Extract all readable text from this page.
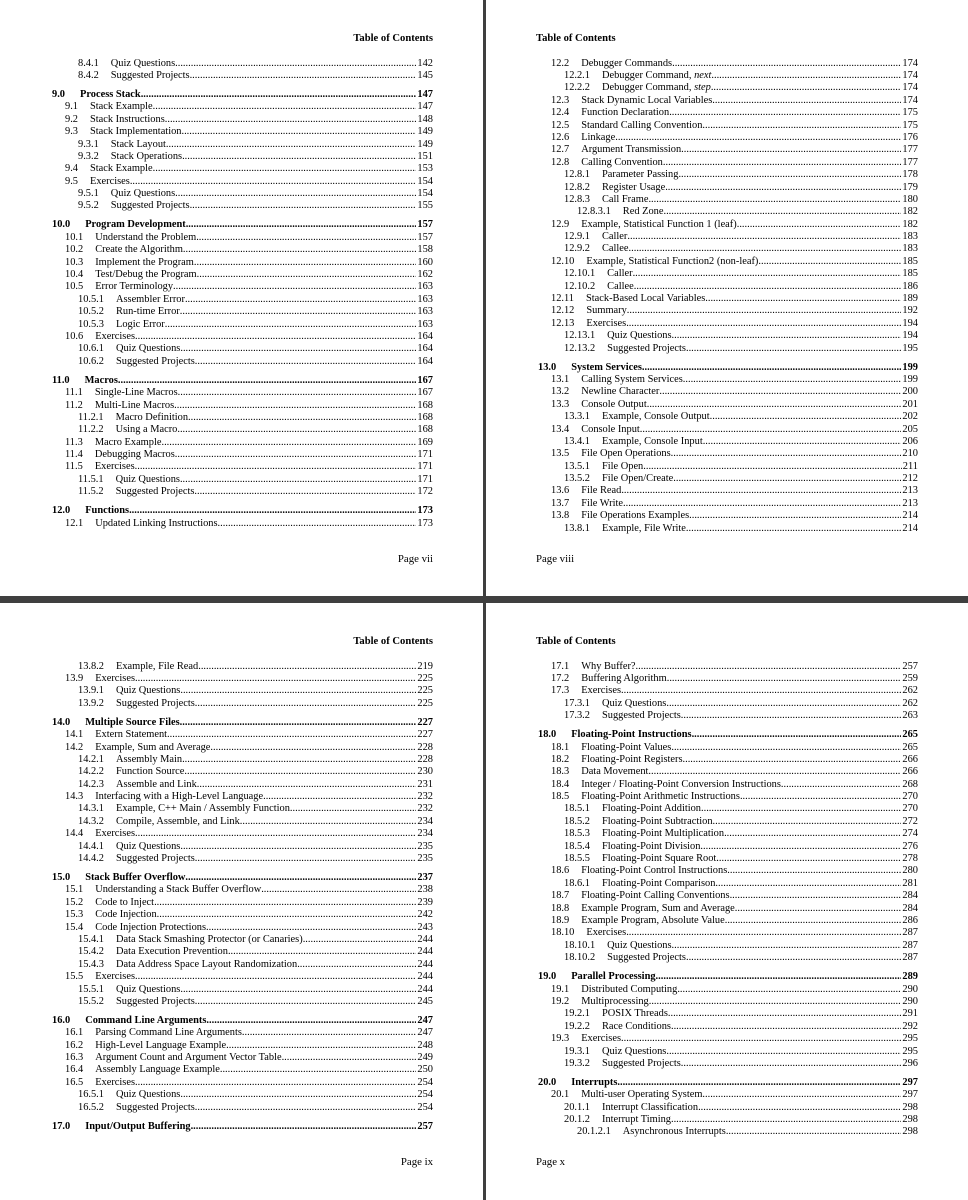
Table of Contents
8.4.1 Quiz Questions .....	142
8.4.2 Suggested Projects .....	145
9.0 Process Stack .....	147
9.1 Stack Example .....	147
9.2 Stack Instructions .....	148
9.3 Stack Implementation .....	149
9.3.1 Stack Layout .....	149
9.3.2 Stack Operations .....	151
9.4 Stack Example .....	153
9.5 Exercises .....	154
9.5.1 Quiz Questions .....	154
9.5.2 Suggested Projects .....	155
10.0 Program Development .....	157
10.1 Understand the Problem .....	157
10.2 Create the Algorithm .....	158
10.3 Implement the Program .....	160
10.4 Test/Debug the Program .....	162
10.5 Error Terminology .....	163
10.5.1 Assembler Error .....	163
10.5.2 Run-time Error .....	163
10.5.3 Logic Error .....	163
10.6 Exercises .....	164
10.6.1 Quiz Questions .....	164
10.6.2 Suggested Projects .....	164
11.0 Macros .....	167
11.1 Single-Line Macros .....	167
11.2 Multi-Line Macros .....	168
11.2.1 Macro Definition .....	168
11.2.2 Using a Macro .....	168
11.3 Macro Example .....	169
11.4 Debugging Macros .....	171
11.5 Exercises .....	171
11.5.1 Quiz Questions .....	171
11.5.2 Suggested Projects .....	172
12.0 Functions .....	173
12.1 Updated Linking Instructions .....	173
Page vii
Table of Contents
12.2 Debugger Commands .....	174
12.2.1 Debugger Command, next .....	174
12.2.2 Debugger Command, step .....	174
12.3 Stack Dynamic Local Variables .....	174
12.4 Function Declaration .....	175
12.5 Standard Calling Convention .....	175
12.6 Linkage .....	176
12.7 Argument Transmission .....	177
12.8 Calling Convention .....	177
12.8.1 Parameter Passing .....	178
12.8.2 Register Usage .....	179
12.8.3 Call Frame .....	180
12.8.3.1 Red Zone .....	182
12.9 Example, Statistical Function 1 (leaf) .....	182
12.9.1 Caller .....	183
12.9.2 Callee .....	183
12.10 Example, Statistical Function2 (non-leaf) .....	185
12.10.1 Caller .....	185
12.10.2 Callee .....	186
12.11 Stack-Based Local Variables .....	189
12.12 Summary .....	192
12.13 Exercises .....	194
12.13.1 Quiz Questions .....	194
12.13.2 Suggested Projects .....	195
13.0 System Services .....	199
13.1 Calling System Services .....	199
13.2 Newline Character .....	200
13.3 Console Output .....	201
13.3.1 Example, Console Output .....	202
13.4 Console Input .....	205
13.4.1 Example, Console Input .....	206
13.5 File Open Operations .....	210
13.5.1 File Open .....	211
13.5.2 File Open/Create .....	212
13.6 File Read .....	213
13.7 File Write .....	213
13.8 File Operations Examples .....	214
13.8.1 Example, File Write .....	214
Page viii
Table of Contents
13.8.2 Example, File Read .....	219
13.9 Exercises .....	225
13.9.1 Quiz Questions .....	225
13.9.2 Suggested Projects .....	225
14.0 Multiple Source Files .....	227
14.1 Extern Statement .....	227
14.2 Example, Sum and Average .....	228
14.2.1 Assembly Main .....	228
14.2.2 Function Source .....	230
14.2.3 Assemble and Link .....	231
14.3 Interfacing with a High-Level Language .....	232
14.3.1 Example, C++ Main / Assembly Function .....	232
14.3.2 Compile, Assemble, and Link .....	234
14.4 Exercises .....	234
14.4.1 Quiz Questions .....	235
14.4.2 Suggested Projects .....	235
15.0 Stack Buffer Overflow .....	237
15.1 Understanding a Stack Buffer Overflow .....	238
15.2 Code to Inject .....	239
15.3 Code Injection .....	242
15.4 Code Injection Protections .....	243
15.4.1 Data Stack Smashing Protector (or Canaries) .....	244
15.4.2 Data Execution Prevention .....	244
15.4.3 Data Address Space Layout Randomization .....	244
15.5 Exercises .....	244
15.5.1 Quiz Questions .....	244
15.5.2 Suggested Projects .....	245
16.0 Command Line Arguments .....	247
16.1 Parsing Command Line Arguments .....	247
16.2 High-Level Language Example .....	248
16.3 Argument Count and Argument Vector Table .....	249
16.4 Assembly Language Example .....	250
16.5 Exercises .....	254
16.5.1 Quiz Questions .....	254
16.5.2 Suggested Projects .....	254
17.0 Input/Output Buffering .....	257
Page ix
Table of Contents
17.1 Why Buffer? .....	257
17.2 Buffering Algorithm .....	259
17.3 Exercises .....	262
17.3.1 Quiz Questions .....	262
17.3.2 Suggested Projects .....	263
18.0 Floating-Point Instructions .....	265
18.1 Floating-Point Values .....	265
18.2 Floating-Point Registers .....	266
18.3 Data Movement .....	266
18.4 Integer / Floating-Point Conversion Instructions .....	268
18.5 Floating-Point Arithmetic Instructions .....	270
18.5.1 Floating-Point Addition .....	270
18.5.2 Floating-Point Subtraction .....	272
18.5.3 Floating-Point Multiplication .....	274
18.5.4 Floating-Point Division .....	276
18.5.5 Floating-Point Square Root .....	278
18.6 Floating-Point Control Instructions .....	280
18.6.1 Floating-Point Comparison .....	281
18.7 Floating-Point Calling Conventions .....	284
18.8 Example Program, Sum and Average .....	284
18.9 Example Program, Absolute Value .....	286
18.10 Exercises .....	287
18.10.1 Quiz Questions .....	287
18.10.2 Suggested Projects .....	287
19.0 Parallel Processing .....	289
19.1 Distributed Computing .....	290
19.2 Multiprocessing .....	290
19.2.1 POSIX Threads .....	291
19.2.2 Race Conditions .....	292
19.3 Exercises .....	295
19.3.1 Quiz Questions .....	295
19.3.2 Suggested Projects .....	296
20.0 Interrupts .....	297
20.1 Multi-user Operating System .....	297
20.1.1 Interrupt Classification .....	298
20.1.2 Interrupt Timing .....	298
20.1.2.1 Asynchronous Interrupts .....	298
Page x
